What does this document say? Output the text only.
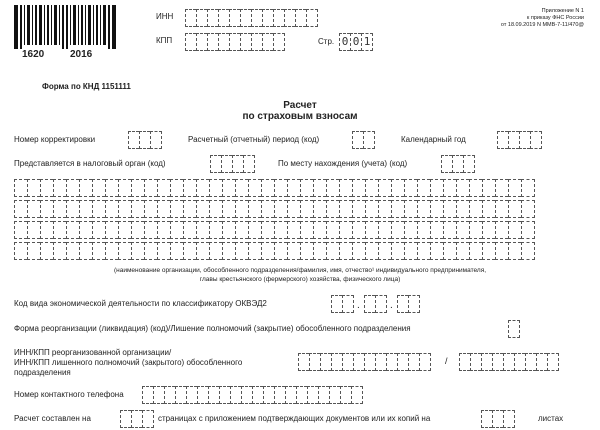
1620	2016
ИНН
КПП	Стр. 0 0 1
Приложение N 1
к приказу ФНС России
от 18.09.2019 N ММВ-7-11/470@
Форма по КНД 1151111
Расчет
по страховым взносам
Номер корректировки	Расчетный (отчетный) период (код)	Календарный год
Представляется в налоговый орган (код)	По месту нахождения (учета) (код)
(наименование организации, обособленного подразделения/фамилия, имя, отчество¹ индивидуального предпринимателя,
главы крестьянского (фермерского) хозяйства, физического лица)
Код вида экономической деятельности по классификатору ОКВЭД2	.	.
Форма реорганизации (ликвидация) (код)/Лишение полномочий (закрытие) обособленного подразделения
ИНН/КПП реорганизованной организации/
ИНН/КПП лишенного полномочий (закрытого) обособленного
подразделения
/
Номер контактного телефона
Расчет составлен на	страницах с приложением подтверждающих документов или их копий на	листах
